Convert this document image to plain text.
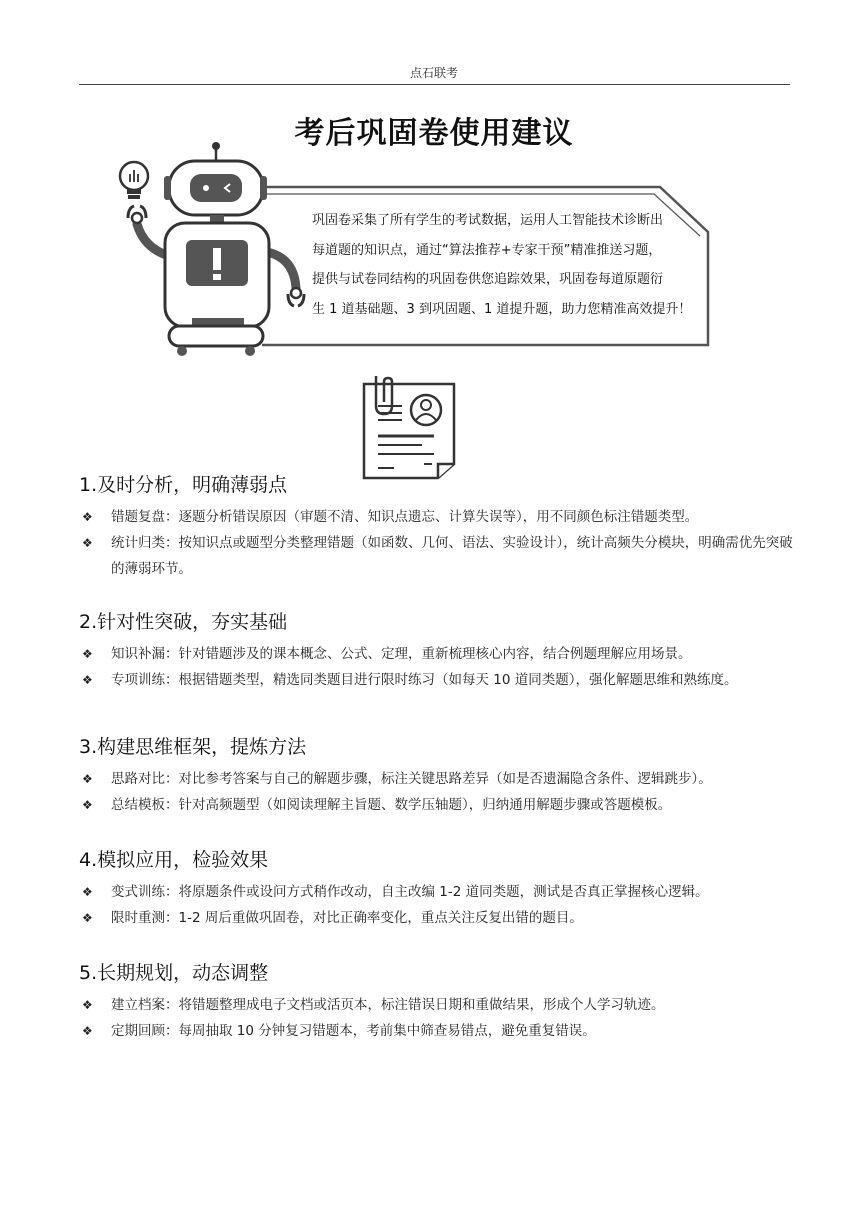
点石联考
考后巩固卷使用建议
巩固卷采集了所有学生的考试数据，运用人工智能技术诊断出
每道题的知识点，通过“算法推荐+专家干预”精准推送习题，
提供与试卷同结构的巩固卷供您追踪效果，巩固卷每道原题衍
生 1 道基础题、3 到巩固题、1 道提升题，助力您精准高效提升！
1.及时分析，明确薄弱点
❖ 错题复盘：逐题分析错误原因（审题不清、知识点遗忘、计算失误等），用不同颜色标注错题类型。
❖ 统计归类：按知识点或题型分类整理错题（如函数、几何、语法、实验设计），统计高频失分模块，明确需优先突破的薄弱环节。
2.针对性突破，夯实基础
❖ 知识补漏：针对错题涉及的课本概念、公式、定理，重新梳理核心内容，结合例题理解应用场景。
❖ 专项训练：根据错题类型，精选同类题目进行限时练习（如每天 10 道同类题），强化解题思维和熟练度。
3.构建思维框架，提炼方法
❖ 思路对比：对比参考答案与自己的解题步骤，标注关键思路差异（如是否遗漏隐含条件、逻辑跳步）。
❖ 总结模板：针对高频题型（如阅读理解主旨题、数学压轴题），归纳通用解题步骤或答题模板。
4.模拟应用，检验效果
❖ 变式训练：将原题条件或设问方式稍作改动，自主改编 1-2 道同类题，测试是否真正掌握核心逻辑。
❖ 限时重测：1-2 周后重做巩固卷，对比正确率变化，重点关注反复出错的题目。
5.长期规划，动态调整
❖ 建立档案：将错题整理成电子文档或活页本，标注错误日期和重做结果，形成个人学习轨迹。
❖ 定期回顾：每周抽取 10 分钟复习错题本，考前集中筛查易错点，避免重复错误。
